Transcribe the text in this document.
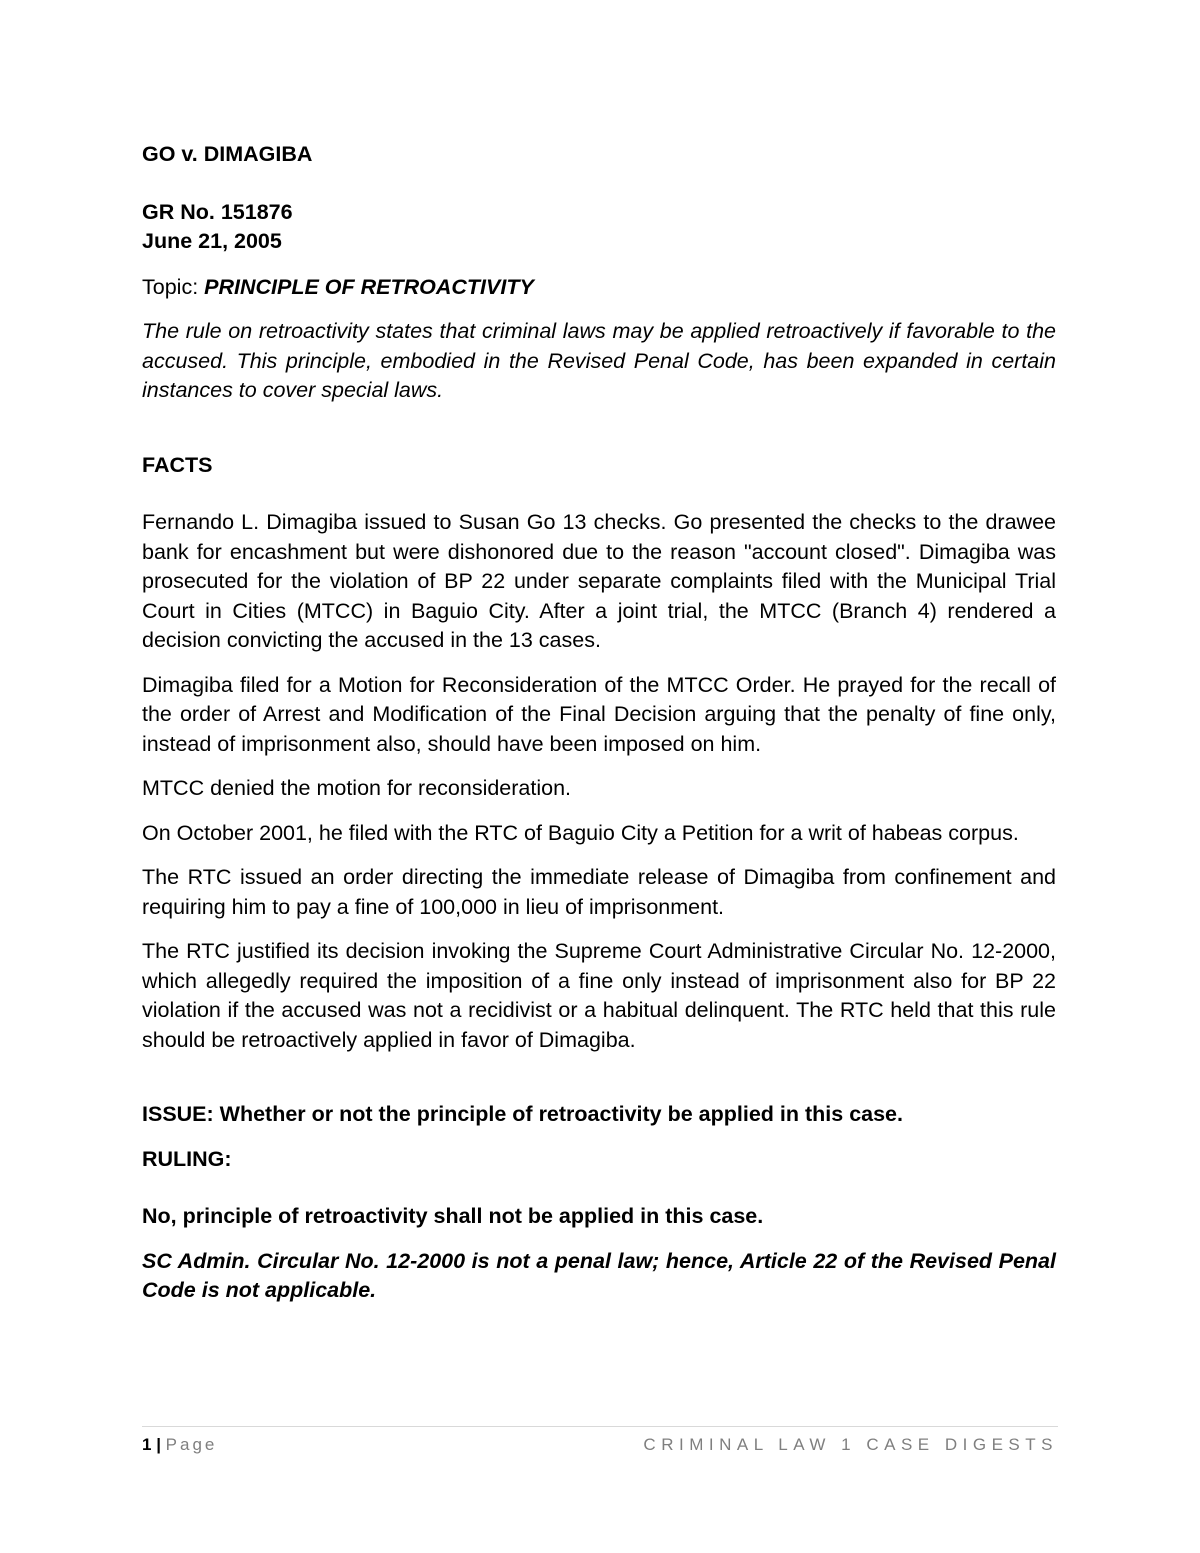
GO v. DIMAGIBA

GR No. 151876

June 21, 2005

Topic: PRINCIPLE OF RETROACTIVITY

The rule on retroactivity states that criminal laws may be applied retroactively if favorable to the accused. This principle, embodied in the Revised Penal Code, has been expanded in certain instances to cover special laws.

FACTS

Fernando L. Dimagiba issued to Susan Go 13 checks. Go presented the checks to the drawee bank for encashment but were dishonored due to the reason "account closed". Dimagiba was prosecuted for the violation of BP 22 under separate complaints filed with the Municipal Trial Court in Cities (MTCC) in Baguio City. After a joint trial, the MTCC (Branch 4) rendered a decision convicting the accused in the 13 cases.

Dimagiba filed for a Motion for Reconsideration of the MTCC Order. He prayed for the recall of the order of Arrest and Modification of the Final Decision arguing that the penalty of fine only, instead of imprisonment also, should have been imposed on him.

MTCC denied the motion for reconsideration.

On October 2001, he filed with the RTC of Baguio City a Petition for a writ of habeas corpus.

The RTC issued an order directing the immediate release of Dimagiba from confinement and requiring him to pay a fine of 100,000 in lieu of imprisonment.

The RTC justified its decision invoking the Supreme Court Administrative Circular No. 12-2000, which allegedly required the imposition of a fine only instead of imprisonment also for BP 22 violation if the accused was not a recidivist or a habitual delinquent. The RTC held that this rule should be retroactively applied in favor of Dimagiba.

ISSUE: Whether or not the principle of retroactivity be applied in this case.

RULING:

No, principle of retroactivity shall not be applied in this case.

SC Admin. Circular No. 12-2000 is not a penal law; hence, Article 22 of the Revised Penal Code is not applicable.

1 | Page	CRIMINAL LAW 1 CASE DIGESTS
